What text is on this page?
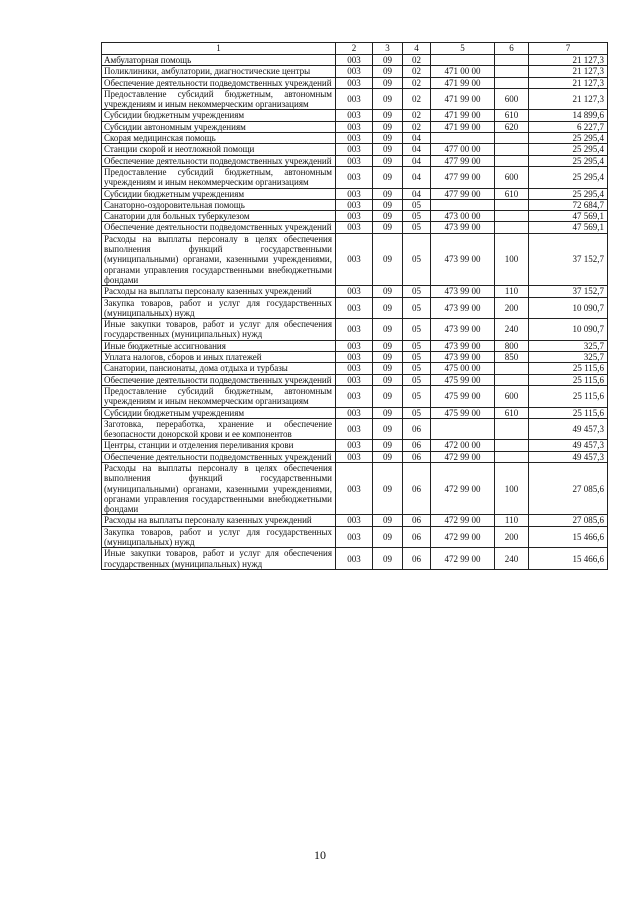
1	2	3	4	5	6	7
Амбулаторная помощь	003	09	02			21 127,3
Поликлиники, амбулатории, диагностические центры	003	09	02	471 00 00		21 127,3
Обеспечение деятельности подведомственных учреждений	003	09	02	471 99 00		21 127,3
Предоставление субсидий бюджетным, автономным учреждениям и иным некоммерческим организациям	003	09	02	471 99 00	600	21 127,3
Субсидии бюджетным учреждениям	003	09	02	471 99 00	610	14 899,6
Субсидии автономным учреждениям	003	09	02	471 99 00	620	6 227,7
Скорая медицинская помощь	003	09	04			25 295,4
Станции скорой и неотложной помощи	003	09	04	477 00 00		25 295,4
Обеспечение деятельности подведомственных учреждений	003	09	04	477 99 00		25 295,4
Предоставление субсидий бюджетным, автономным учреждениям и иным некоммерческим организациям	003	09	04	477 99 00	600	25 295,4
Субсидии бюджетным учреждениям	003	09	04	477 99 00	610	25 295,4
Санаторно-оздоровительная помощь	003	09	05			72 684,7
Санатории для больных туберкулезом	003	09	05	473 00 00		47 569,1
Обеспечение деятельности подведомственных учреждений	003	09	05	473 99 00		47 569,1
Расходы на выплаты персоналу в целях обеспечения выполнения функций государственными (муниципальными) органами, казенными учреждениями, органами управления государственными внебюджетными фондами	003	09	05	473 99 00	100	37 152,7
Расходы на выплаты персоналу казенных учреждений	003	09	05	473 99 00	110	37 152,7
Закупка товаров, работ и услуг для государственных (муниципальных) нужд	003	09	05	473 99 00	200	10 090,7
Иные закупки товаров, работ и услуг для обеспечения государственных (муниципальных) нужд	003	09	05	473 99 00	240	10 090,7
Иные бюджетные ассигнования	003	09	05	473 99 00	800	325,7
Уплата налогов, сборов и иных платежей	003	09	05	473 99 00	850	325,7
Санатории, пансионаты, дома отдыха и турбазы	003	09	05	475 00 00		25 115,6
Обеспечение деятельности подведомственных учреждений	003	09	05	475 99 00		25 115,6
Предоставление субсидий бюджетным, автономным учреждениям и иным некоммерческим организациям	003	09	05	475 99 00	600	25 115,6
Субсидии бюджетным учреждениям	003	09	05	475 99 00	610	25 115,6
Заготовка, переработка, хранение и обеспечение безопасности донорской крови и ее компонентов	003	09	06			49 457,3
Центры, станции и отделения переливания крови	003	09	06	472 00 00		49 457,3
Обеспечение деятельности подведомственных учреждений	003	09	06	472 99 00		49 457,3
Расходы на выплаты персоналу в целях обеспечения выполнения функций государственными (муниципальными) органами, казенными учреждениями, органами управления государственными внебюджетными фондами	003	09	06	472 99 00	100	27 085,6
Расходы на выплаты персоналу казенных учреждений	003	09	06	472 99 00	110	27 085,6
Закупка товаров, работ и услуг для государственных (муниципальных) нужд	003	09	06	472 99 00	200	15 466,6
Иные закупки товаров, работ и услуг для обеспечения государственных (муниципальных) нужд	003	09	06	472 99 00	240	15 466,6
10
